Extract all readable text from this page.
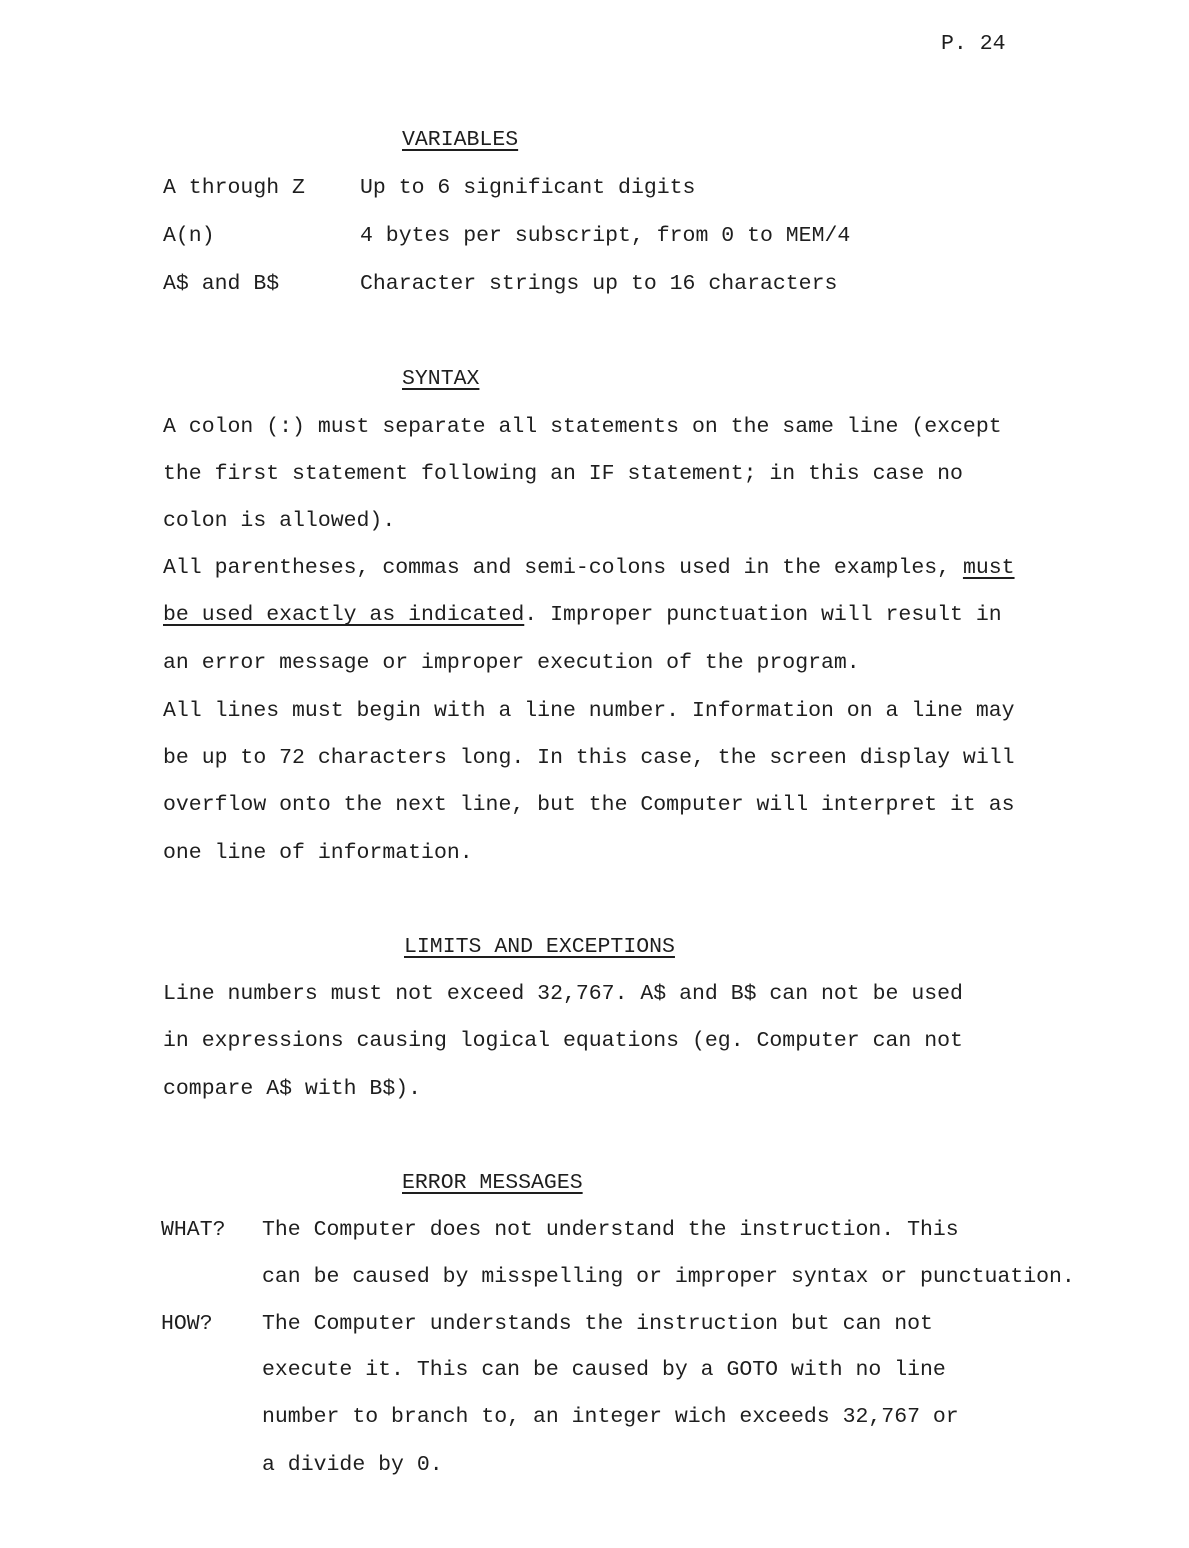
P. 24
VARIABLES
A through Z	Up to 6 significant digits
A(n)	4 bytes per subscript, from 0 to MEM/4
A$ and B$	Character strings up to 16 characters
SYNTAX
A colon (:) must separate all statements on the same line (except
the first statement following an IF statement; in this case no
colon is allowed).
All parentheses, commas and semi-colons used in the examples, must
be used exactly as indicated. Improper punctuation will result in
an error message or improper execution of the program.
All lines must begin with a line number. Information on a line may
be up to 72 characters long. In this case, the screen display will
overflow onto the next line, but the Computer will interpret it as
one line of information.
LIMITS AND EXCEPTIONS
Line numbers must not exceed 32,767. A$ and B$ can not be used
in expressions causing logical equations (eg. Computer can not
compare A$ with B$).
ERROR MESSAGES
WHAT? The Computer does not understand the instruction. This
can be caused by misspelling or improper syntax or punctuation.
HOW? The Computer understands the instruction but can not
execute it. This can be caused by a GOTO with no line
number to branch to, an integer wich exceeds 32,767 or
a divide by 0.
